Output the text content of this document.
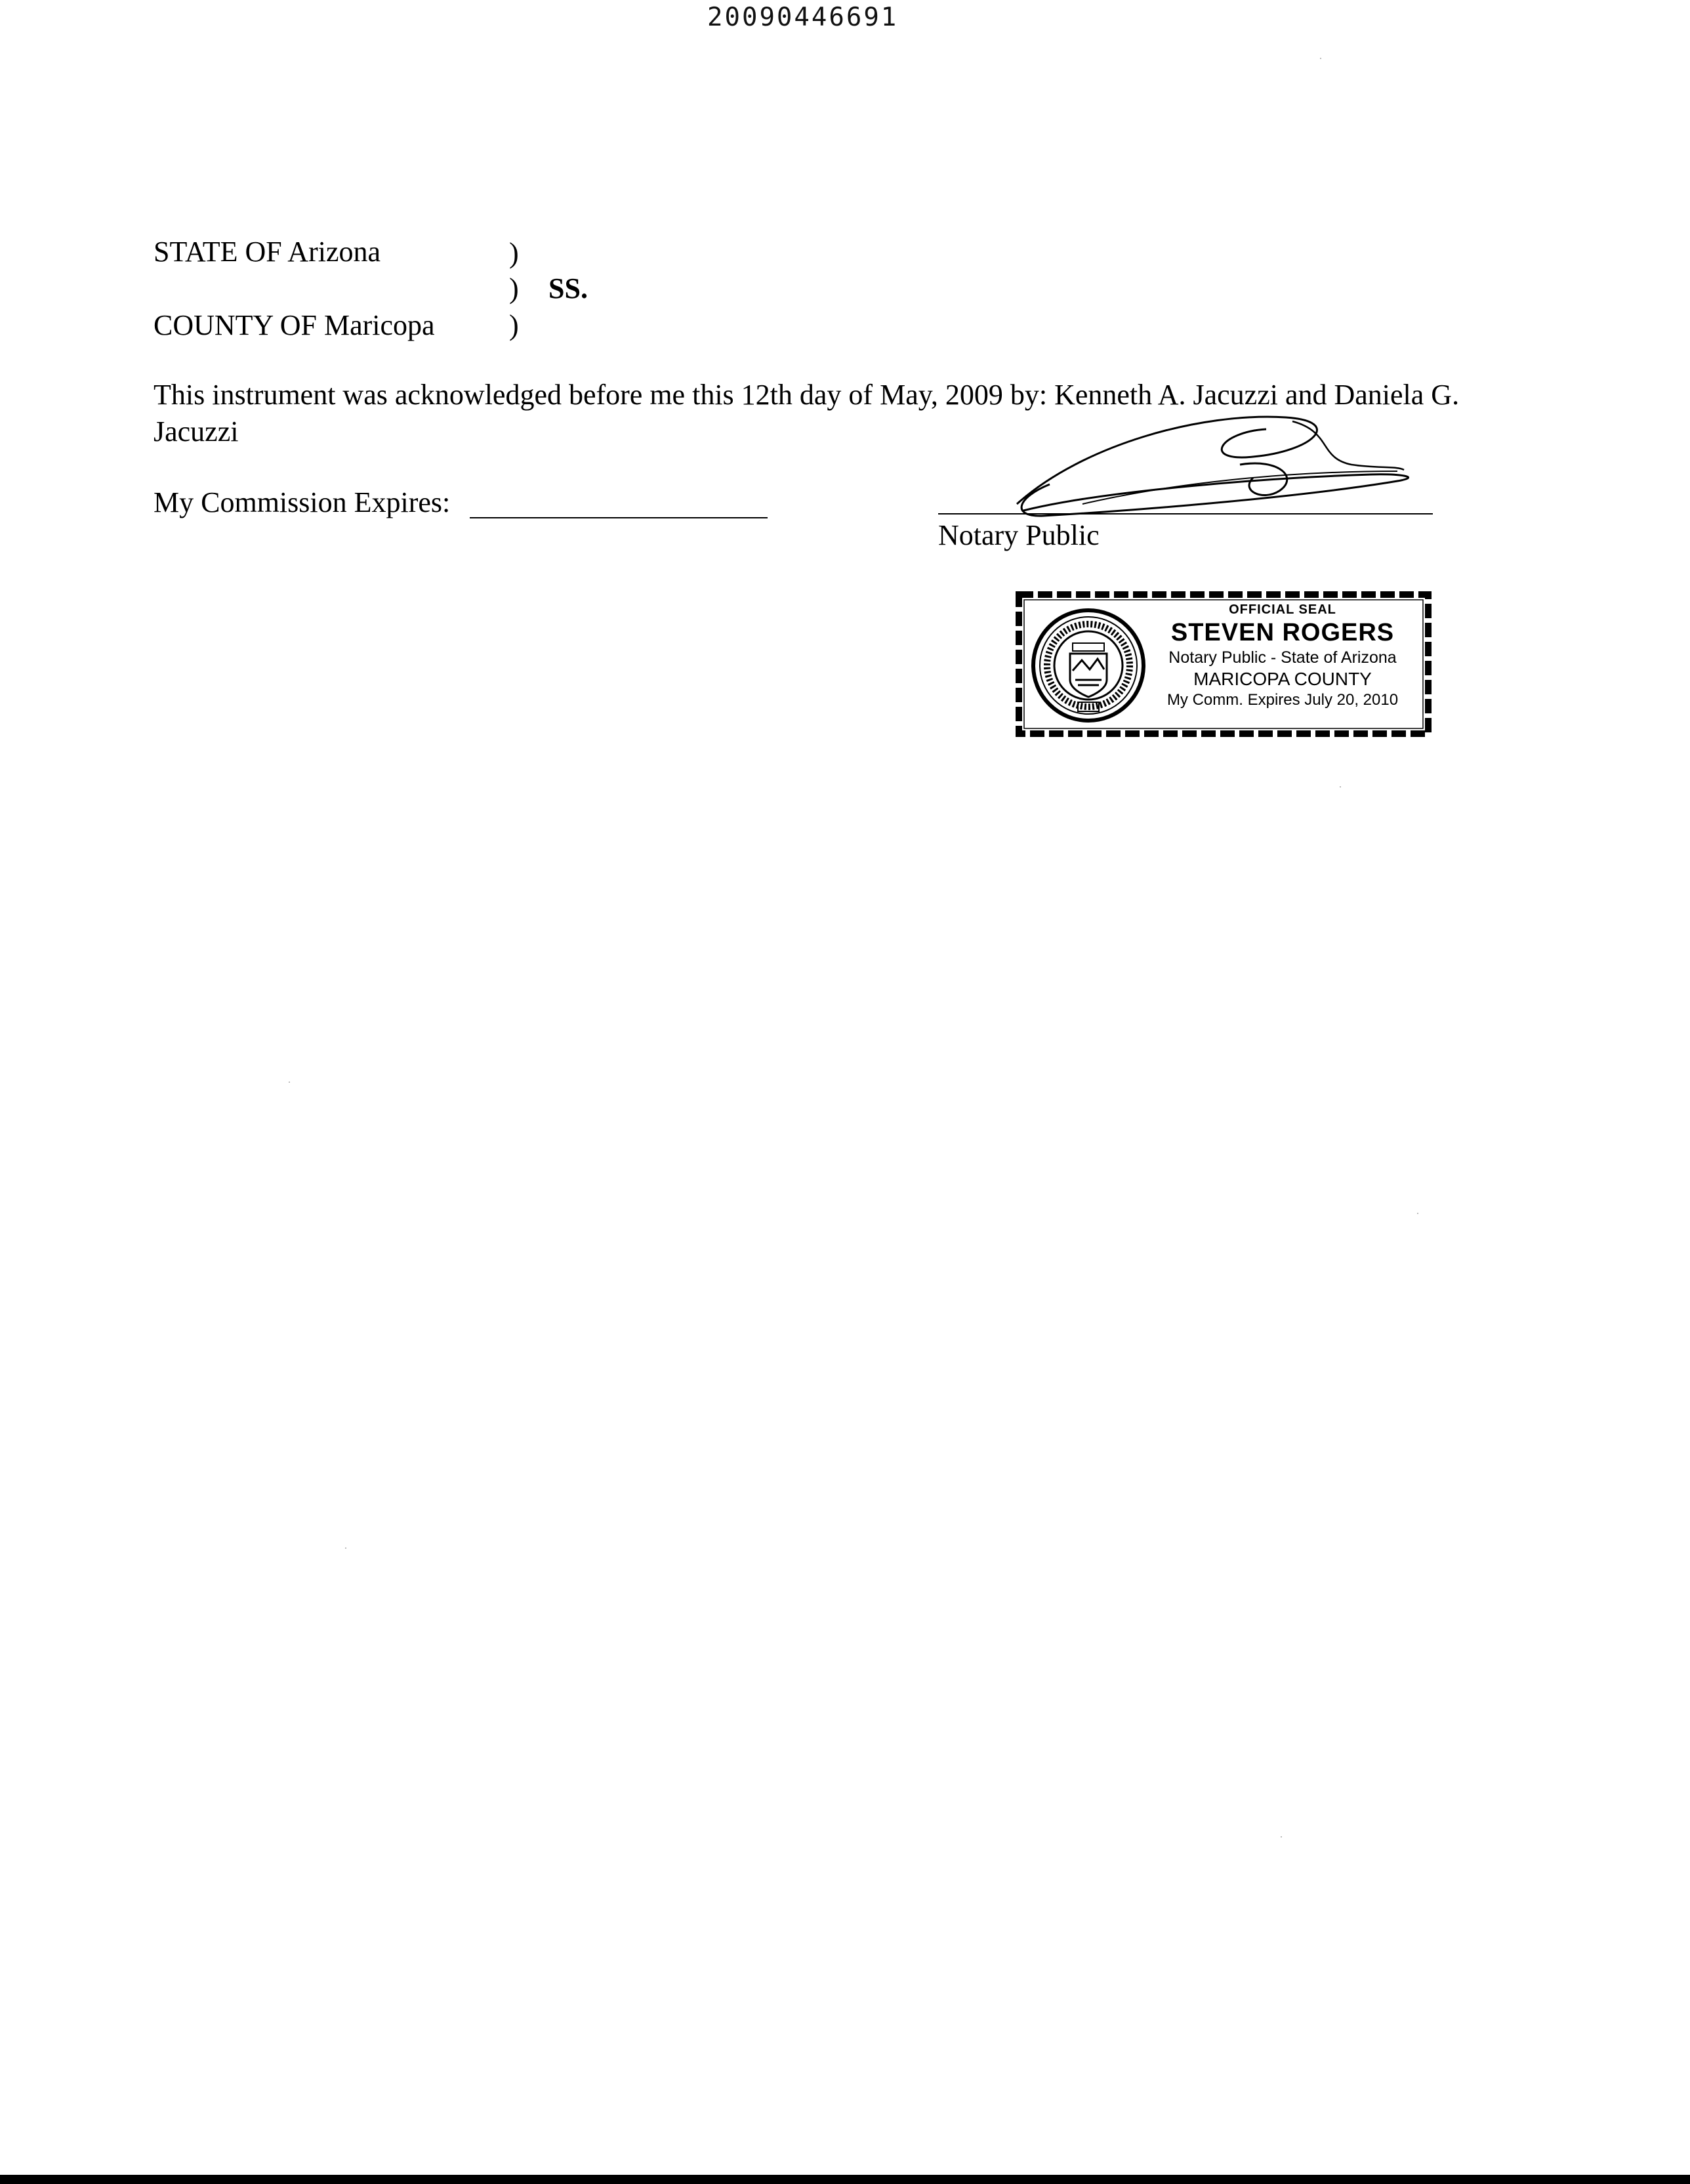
20090446691
STATE OF Arizona	)
) SS.
COUNTY OF Maricopa	)
This instrument was acknowledged before me this 12th day of May, 2009 by: Kenneth A. Jacuzzi and Daniela G.
Jacuzzi
My Commission Expires:
Notary Public
OFFICIAL SEAL
STEVEN ROGERS
Notary Public - State of Arizona
MARICOPA COUNTY
My Comm. Expires July 20, 2010
